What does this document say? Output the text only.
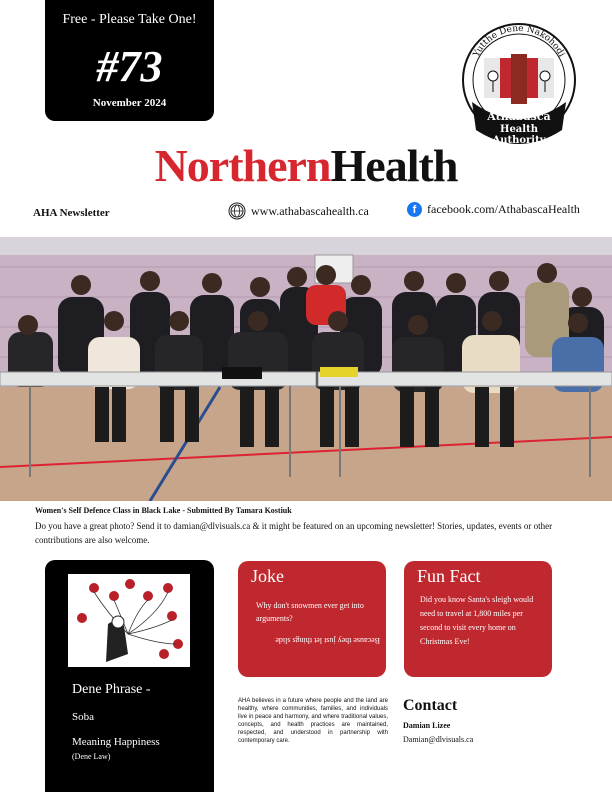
Free - Please Take One!
#73
November 2024
Yutthe Dene Nakohodi
Athabasca
Health
Authority
NorthernHealth
AHA Newsletter	www.athabascahealth.ca	f facebook.com/AthabascaHealth
Women's Self Defence Class in Black Lake - Submitted By Tamara Kostiuk
Do you have a great photo? Send it to damian@dlvisuals.ca & it might be featured on an upcoming newsletter! Stories, updates, events or other contributions are also welcome.
Dene Phrase -
Soba
Meaning Happiness
(Dene Law)
Joke
Why don't snowmen ever get into arguments?
Because they just let things slide
Fun Fact
Did you know Santa's sleigh would need to travel at 1,800 miles per second to visit every home on Christmas Eve!
AHA believes in a future where people and the land are healthy, where communities, families, and individuals live in peace and harmony, and where traditional values, concepts, and health practices are maintained, respected, and understood in partnership with contemporary care.
Contact
Damian Lizee
Damian@dlvisuals.ca
